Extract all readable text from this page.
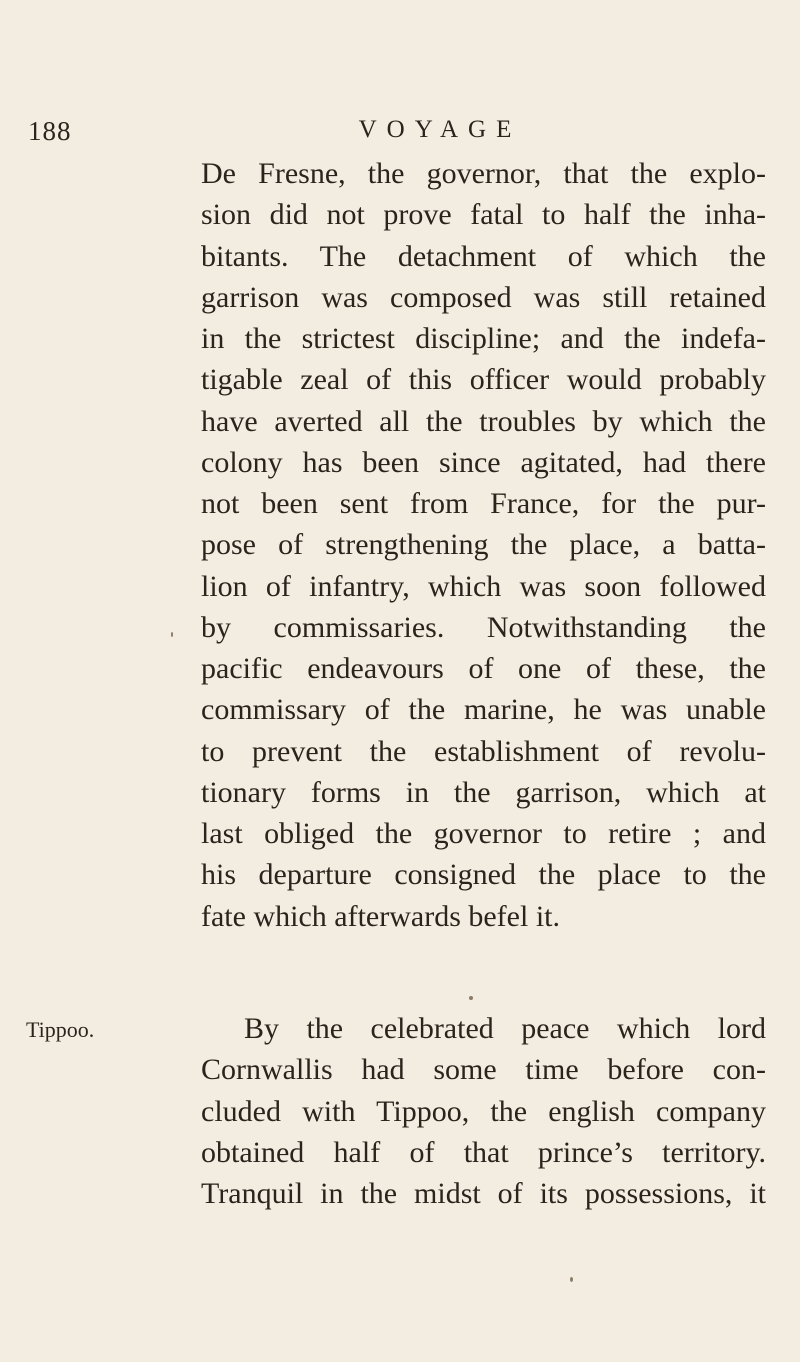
188	VOYAGE
De Fresne, the governor, that the explo-
sion did not prove fatal to half the inha-
bitants. The detachment of which the
garrison was composed was still retained
in the strictest discipline; and the indefa-
tigable zeal of this officer would probably
have averted all the troubles by which the
colony has been since agitated, had there
not been sent from France, for the pur-
pose of strengthening the place, a batta-
lion of infantry, which was soon followed
by commissaries. Notwithstanding the
pacific endeavours of one of these, the
commissary of the marine, he was unable
to prevent the establishment of revolu-
tionary forms in the garrison, which at
last obliged the governor to retire ; and
his departure consigned the place to the
fate which afterwards befel it.
Tippoo.	By the celebrated peace which lord
Cornwallis had some time before con-
cluded with Tippoo, the english company
obtained half of that prince’s territory.
Tranquil in the midst of its possessions, it
